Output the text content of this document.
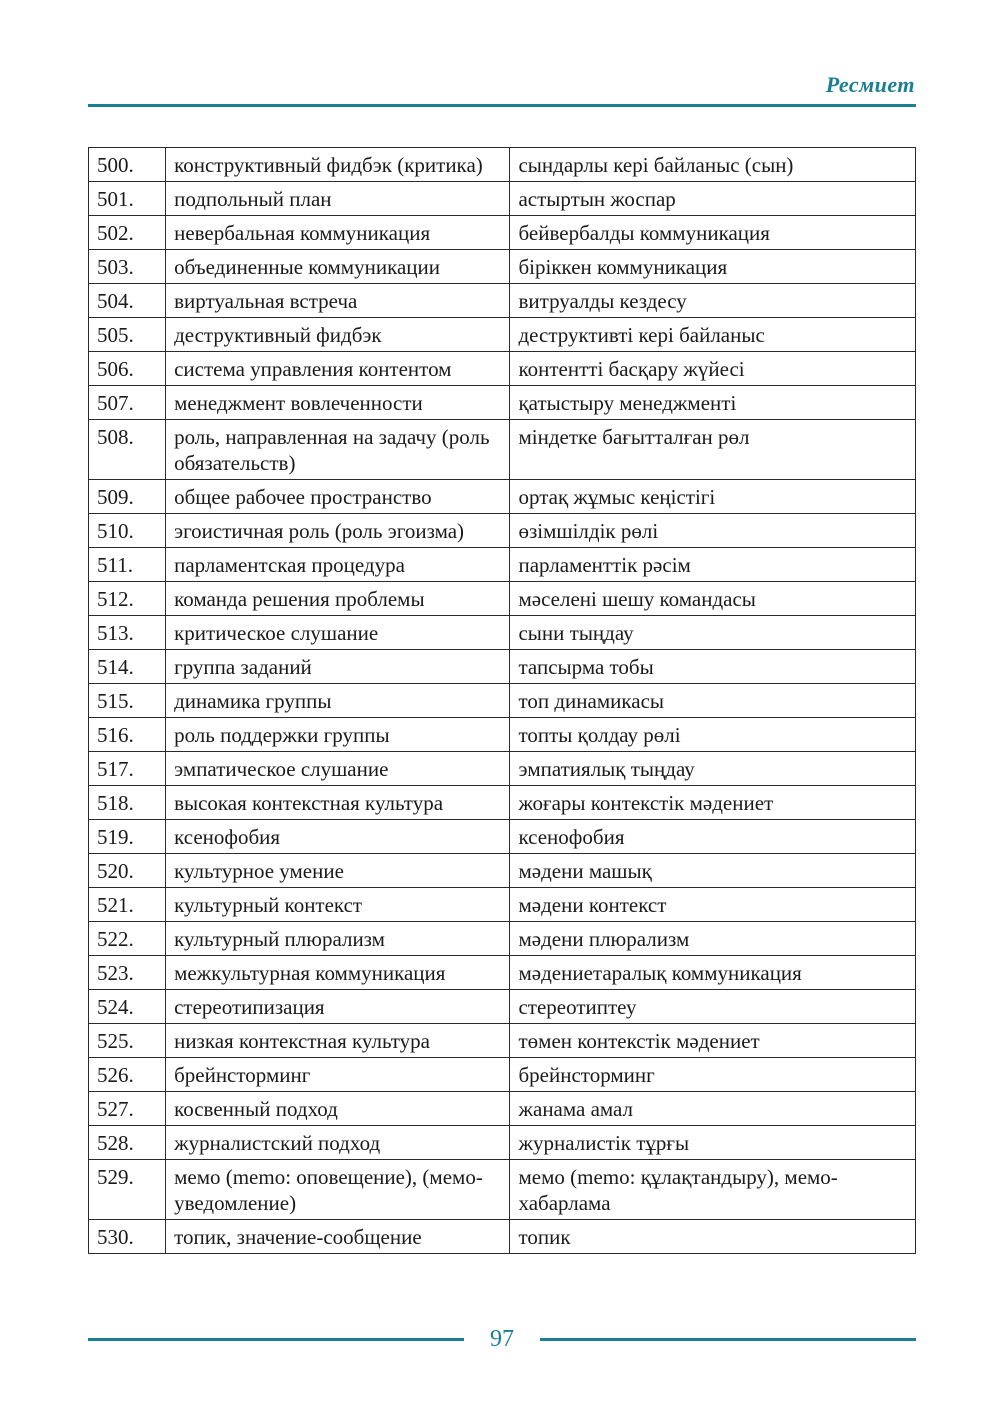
Ресмиет
500.	конструктивный фидбэк (критика)	сындарлы кері байланыс (сын)
501.	подпольный план	астыртын жоспар
502.	невербальная коммуникация	бейвербалды коммуникация
503.	объединенные коммуникации	біріккен коммуникация
504.	виртуальная встреча	витруалды кездесу
505.	деструктивный фидбэк	деструктивті кері байланыс
506.	система управления контентом	контентті басқару жүйесі
507.	менеджмент вовлеченности	қатыстыру менеджменті
508.	роль, направленная на задачу (роль обязательств)	міндетке бағытталған рөл
509.	общее рабочее пространство	ортақ жұмыс кеңістігі
510.	эгоистичная роль (роль эгоизма)	өзімшілдік рөлі
511.	парламентская процедура	парламенттік рәсім
512.	команда решения проблемы	мәселені шешу командасы
513.	критическое слушание	сыни тыңдау
514.	группа заданий	тапсырма тобы
515.	динамика группы	топ динамикасы
516.	роль поддержки группы	топты қолдау рөлі
517.	эмпатическое слушание	эмпатиялық тыңдау
518.	высокая контекстная культура	жоғары контекстік мәдениет
519.	ксенофобия	ксенофобия
520.	культурное умение	мәдени машық
521.	культурный контекст	мәдени контекст
522.	культурный плюрализм	мәдени плюрализм
523.	межкультурная коммуникация	мәдениетаралық коммуникация
524.	стереотипизация	стереотиптеу
525.	низкая контекстная культура	төмен контекстік мәдениет
526.	брейнсторминг	брейнсторминг
527.	косвенный подход	жанама амал
528.	журналистский подход	журналистік тұрғы
529.	мемо (memo: оповещение), (мемо-уведомление)	мемо (memo: құлақтандыру), мемо-хабарлама
530.	топик, значение-сообщение	топик
97
